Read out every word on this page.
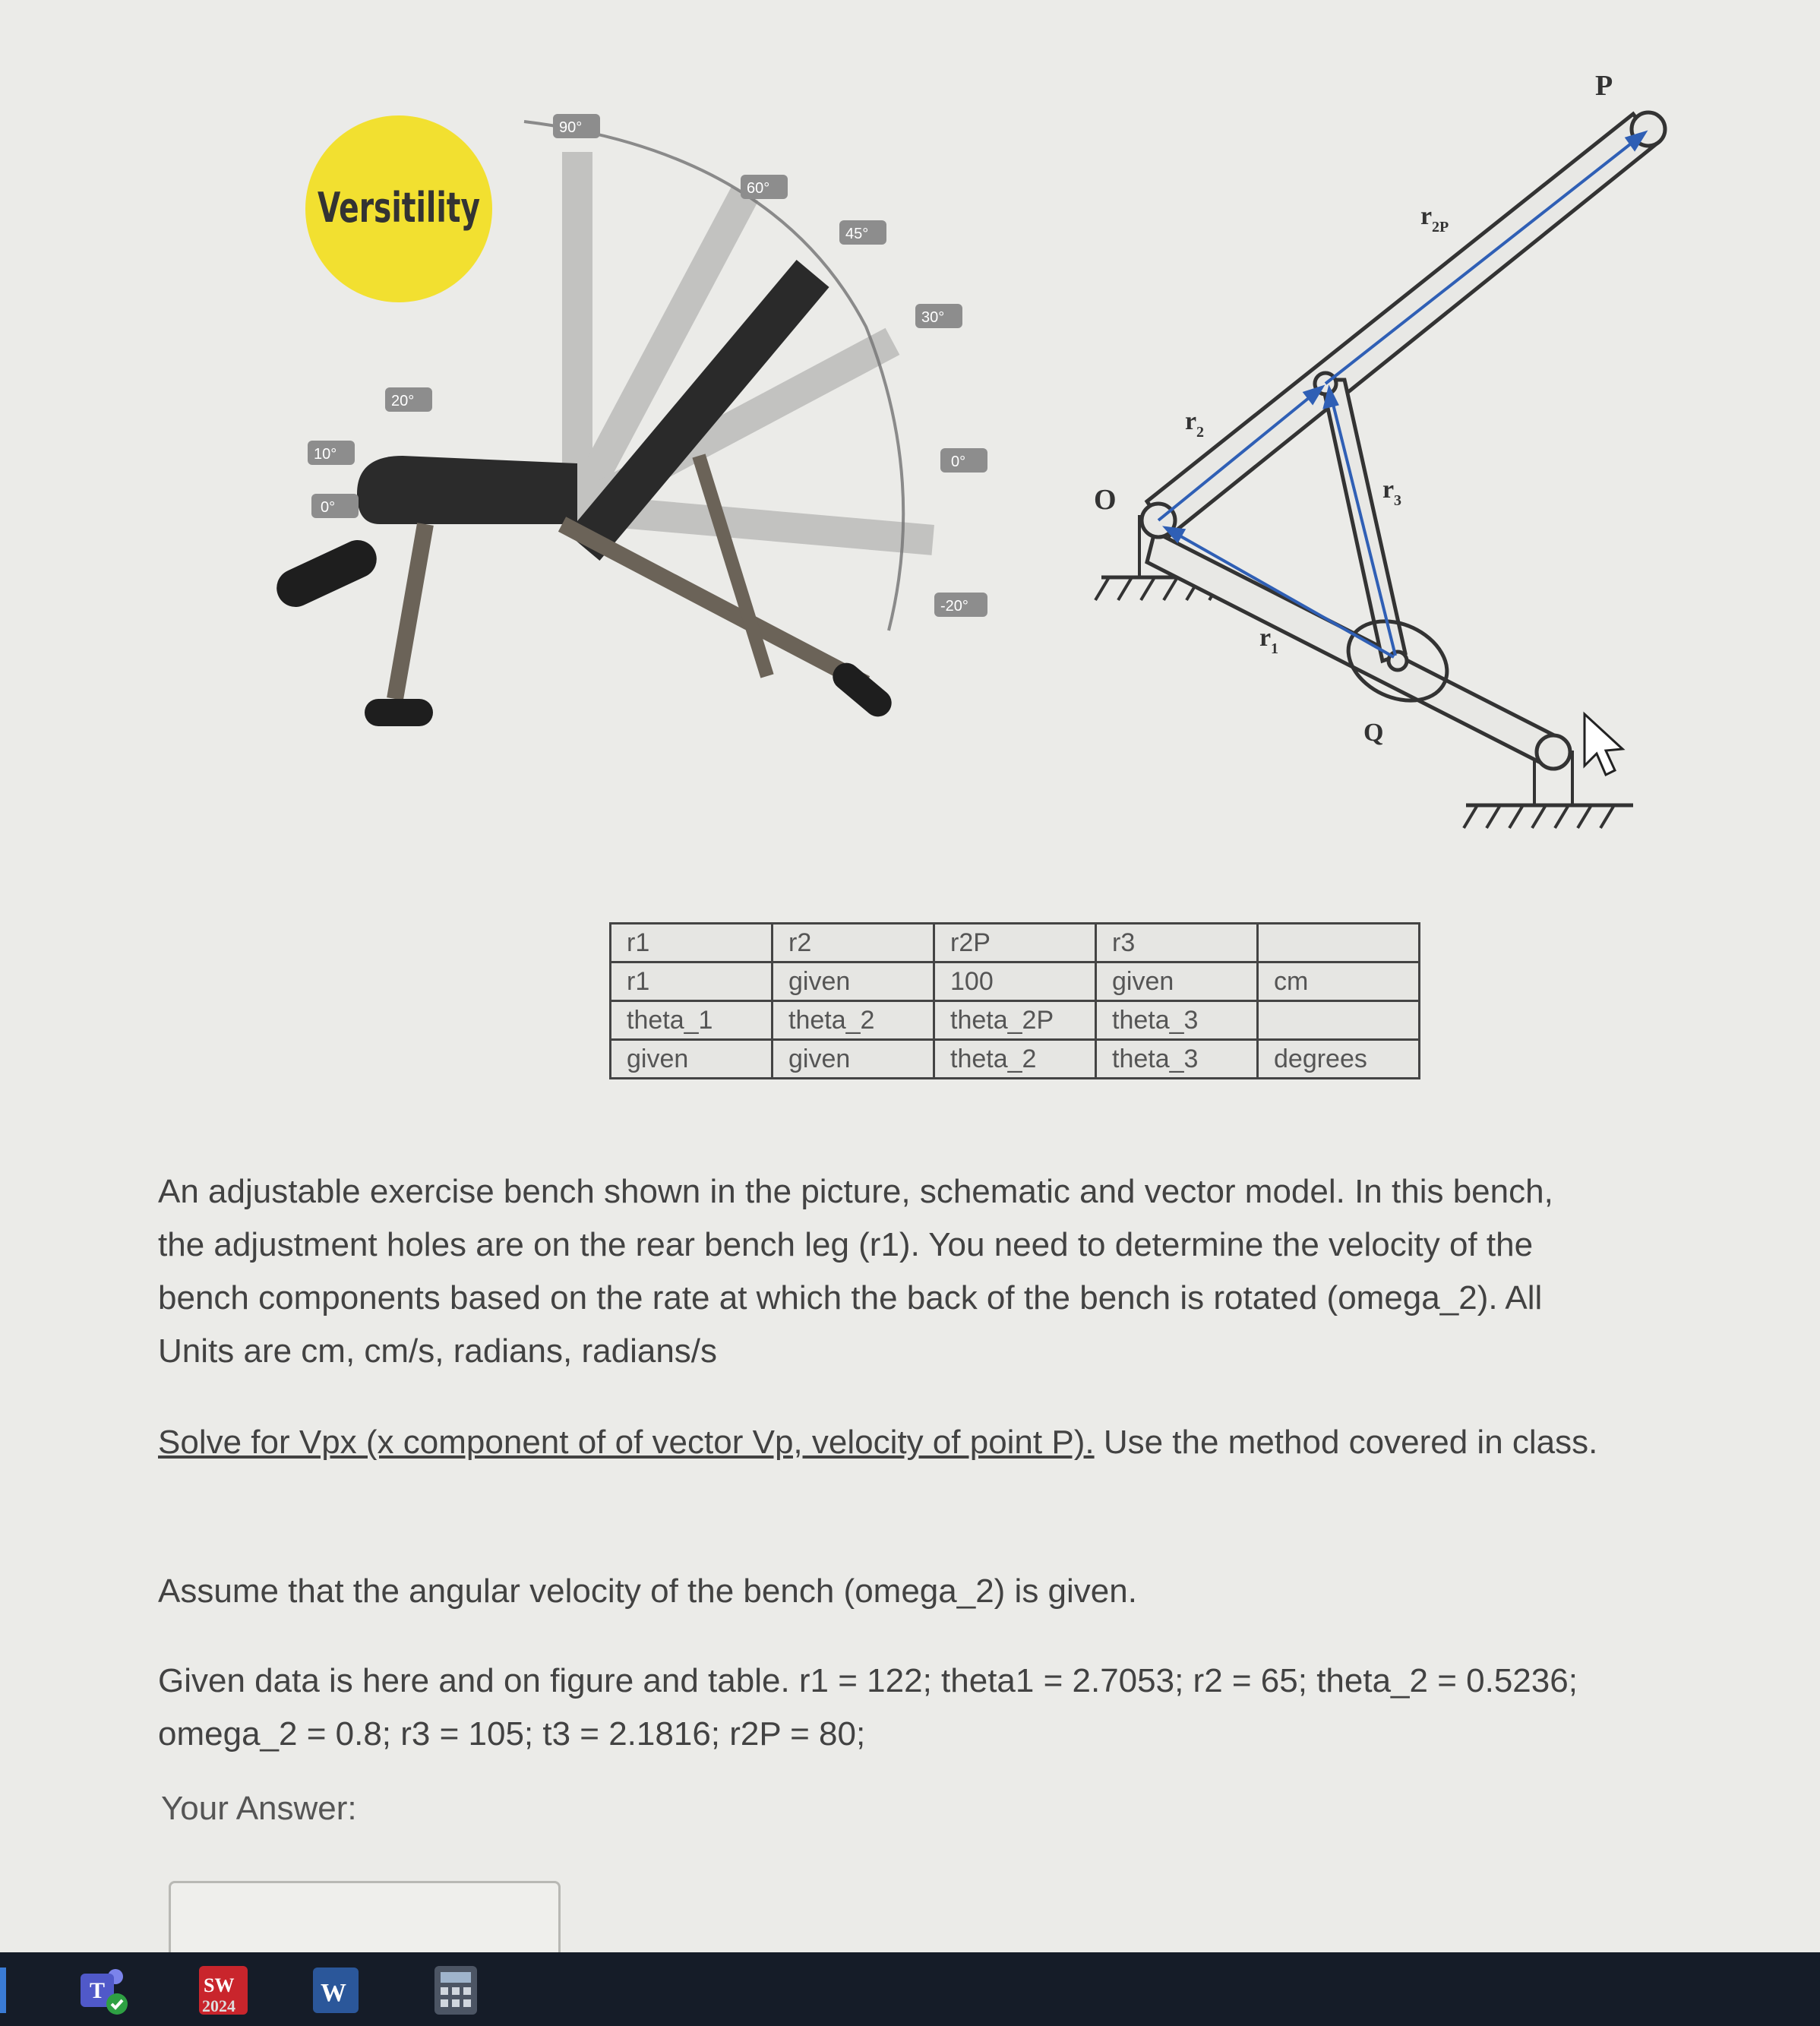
90°
60°
45°
30°
20°
10°
0°
0°
-20°
Versitility
O
P
Q
r 2
r 1
r 3
r 2P
r1	r2	r2P	r3	
r1	given	100	given	cm
theta_1	theta_2	theta_2P	theta_3	
given	given	theta_2	theta_3	degrees
An adjustable exercise bench shown in the picture, schematic and vector model. In this bench, the adjustment holes are on the rear bench leg (r1). You need to determine the velocity of the bench components based on the rate at which the back of the bench is rotated (omega_2). All Units are cm, cm/s, radians, radians/s
Solve for Vpx (x component of of vector Vp, velocity of point P). Use the method covered in class.
Assume that the angular velocity of the bench (omega_2) is given.
Given data is here and on figure and table. r1 = 122; theta1 = 2.7053; r2 = 65; theta_2 = 0.5236; omega_2 = 0.8; r3 = 105; t3 = 2.1816; r2P = 80;
Your Answer:
T	SW
2024	W
